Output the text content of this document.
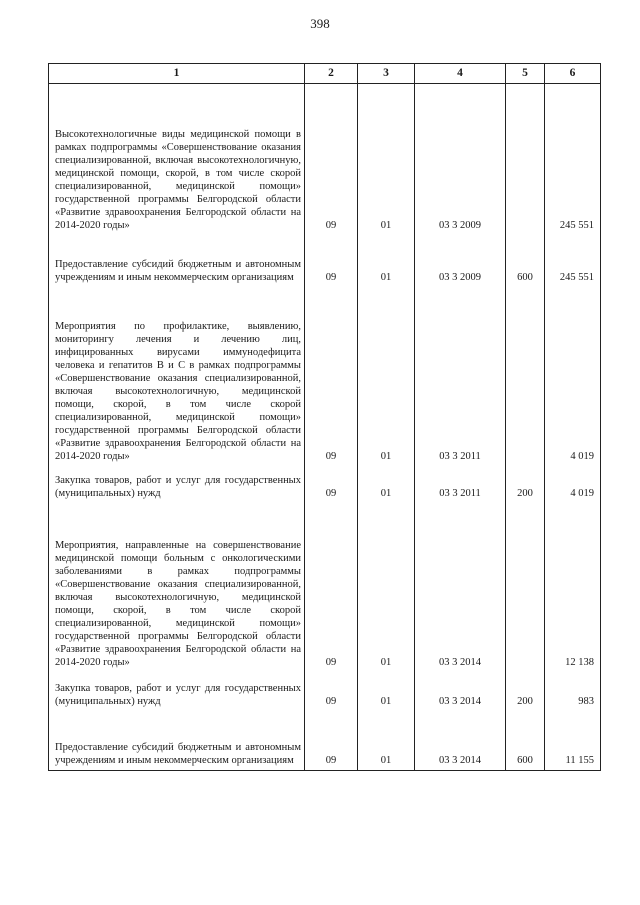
398
1	2	3	4	5	6
Высокотехнологичные виды медицинской помощи в рамках подпрограммы «Совершенствование оказания специализированной, включая высокотехнологичную, медицинской помощи, скорой, в том числе скорой специализированной, медицинской помощи» государственной программы Белгородской области «Развитие здравоохранения Белгородской области на 2014-2020 годы»	09	01	03 3 2009		245 551
Предоставление субсидий бюджетным и автономным учреждениям и иным некоммерческим организациям	09	01	03 3 2009	600	245 551
Мероприятия по профилактике, выявлению, мониторингу лечения и лечению лиц, инфицированных вирусами иммунодефицита человека и гепатитов В и С в рамках подпрограммы «Совершенствование оказания специализированной, включая высокотехнологичную, медицинской помощи, скорой, в том числе скорой специализированной, медицинской помощи» государственной программы Белгородской области «Развитие здравоохранения Белгородской области на 2014-2020 годы»	09	01	03 3 2011		4 019
Закупка товаров, работ и услуг для государственных (муниципальных) нужд	09	01	03 3 2011	200	4 019
Мероприятия, направленные на совершенствование медицинской помощи больным с онкологическими заболеваниями в рамках подпрограммы «Совершенствование оказания специализированной, включая высокотехнологичную, медицинской помощи, скорой, в том числе скорой специализированной, медицинской помощи» государственной программы Белгородской области «Развитие здравоохранения Белгородской области на 2014-2020 годы»	09	01	03 3 2014		12 138
Закупка товаров, работ и услуг для государственных (муниципальных) нужд	09	01	03 3 2014	200	983
Предоставление субсидий бюджетным и автономным учреждениям и иным некоммерческим организациям	09	01	03 3 2014	600	11 155
